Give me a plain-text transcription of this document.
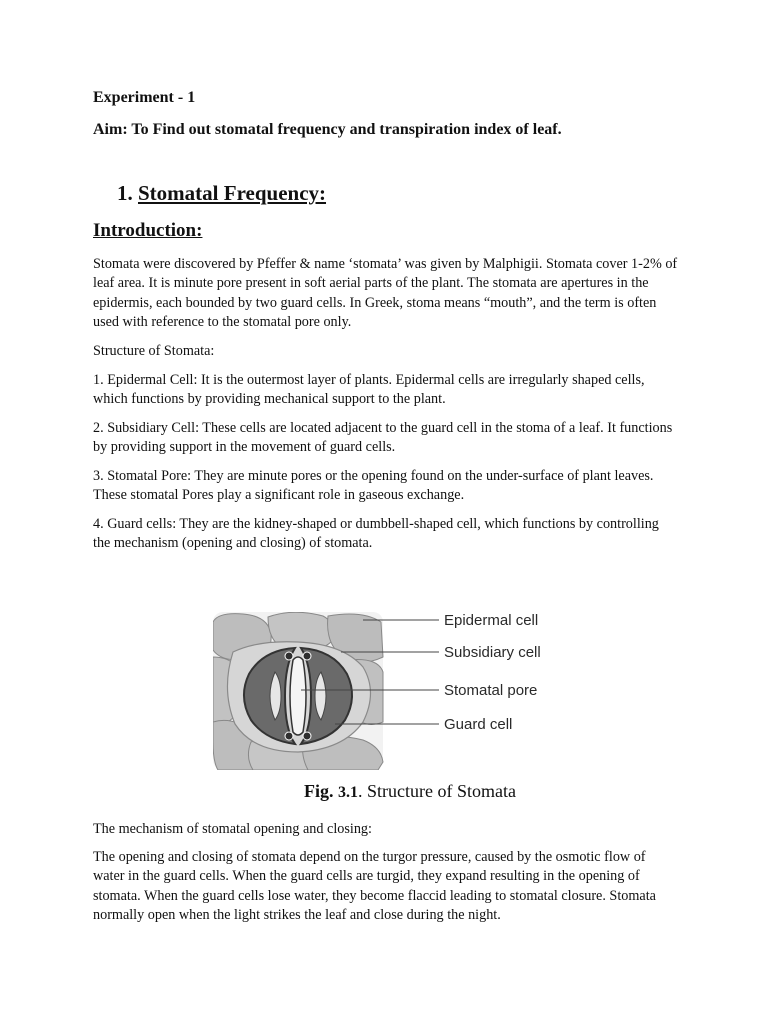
Experiment - 1

Aim: To Find out stomatal frequency and transpiration index of leaf.

1. Stomatal Frequency:

Introduction:

Stomata were discovered by Pfeffer & name ‘stomata’ was given by Malphigii. Stomata cover 1-2% of leaf area. It is minute pore present in soft aerial parts of the plant. The stomata are apertures in the epidermis, each bounded by two guard cells. In Greek, stoma means “mouth”, and the term is often used with reference to the stomatal pore only.

Structure of Stomata:

1. Epidermal Cell: It is the outermost layer of plants. Epidermal cells are irregularly shaped cells, which functions by providing mechanical support to the plant.

2. Subsidiary Cell: These cells are located adjacent to the guard cell in the stoma of a leaf. It functions by providing support in the movement of guard cells.

3. Stomatal Pore: They are minute pores or the opening found on the under-surface of plant leaves. These stomatal Pores play a significant role in gaseous exchange.

4. Guard cells: They are the kidney-shaped or dumbbell-shaped cell, which functions by controlling the mechanism (opening and closing) of stomata.

Epidermal cell
Subsidiary cell
Stomatal pore
Guard cell

Fig. 3.1. Structure of Stomata

The mechanism of stomatal opening and closing:

The opening and closing of stomata depend on the turgor pressure, caused by the osmotic flow of water in the guard cells. When the guard cells are turgid, they expand resulting in the opening of stomata. When the guard cells lose water, they become flaccid leading to stomatal closure. Stomata normally open when the light strikes the leaf and close during the night.
